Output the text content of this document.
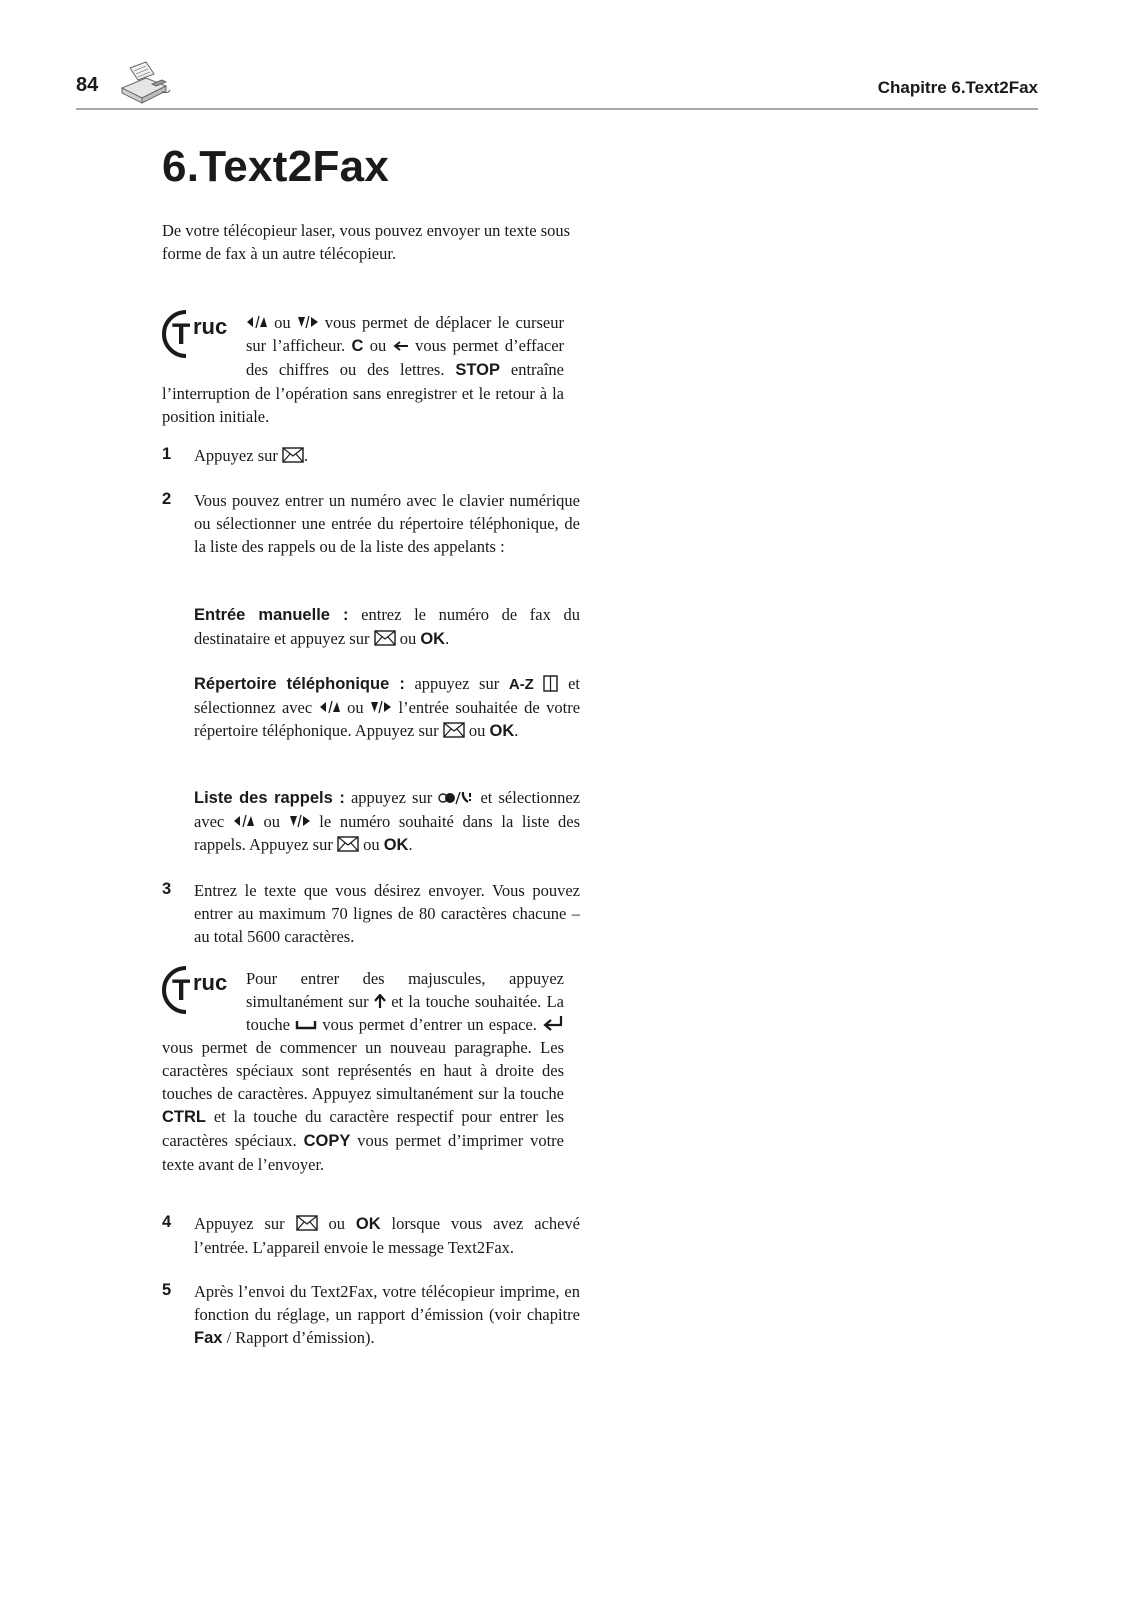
84	Chapitre 6.Text2Fax
6.Text2Fax
De votre télécopieur laser, vous pouvez envoyer un texte sous forme de fax à un autre télécopieur.
T ruc	ou vous permet de déplacer le curseur sur l’afficheur. C ou vous permet d’effacer des chiffres ou des lettres. STOP entraîne l’interruption de l’opération sans enregistrer et le retour à la position initiale.
1 Appuyez sur .
2 Vous pouvez entrer un numéro avec le clavier numérique ou sélectionner une entrée du répertoire téléphonique, de la liste des rappels ou de la liste des appelants :
Entrée manuelle : entrez le numéro de fax du destinataire et appuyez sur ou OK.
Répertoire téléphonique : appuyez sur A-Z et sélectionnez avec ou l’entrée souhaitée de votre répertoire téléphonique. Appuyez sur ou OK.
Liste des rappels : appuyez sur	et sélectionnez avec ou le numéro souhaité dans la liste des rappels. Appuyez sur ou OK.
3 Entrez le texte que vous désirez envoyer. Vous pouvez entrer au maximum 70 lignes de 80 caractères chacune – au total 5600 caractères.
T ruc Pour entrer des majuscules, appuyez simultanément sur et la touche souhaitée. La touche vous permet d’entrer un espace.  vous permet de commencer un nouveau paragraphe. Les caractères spéciaux sont représentés en haut à droite des touches de caractères. Appuyez simultanément sur la touche CTRL et la touche du caractère respectif pour entrer les caractères spéciaux. COPY vous permet d’imprimer votre texte avant de l’envoyer.
4 Appuyez sur	ou OK lorsque vous avez achevé l’entrée. L’appareil envoie le message Text2Fax.
5 Après l’envoi du Text2Fax, votre télécopieur imprime, en fonction du réglage, un rapport d’émission (voir chapitre Fax / Rapport d’émission).
